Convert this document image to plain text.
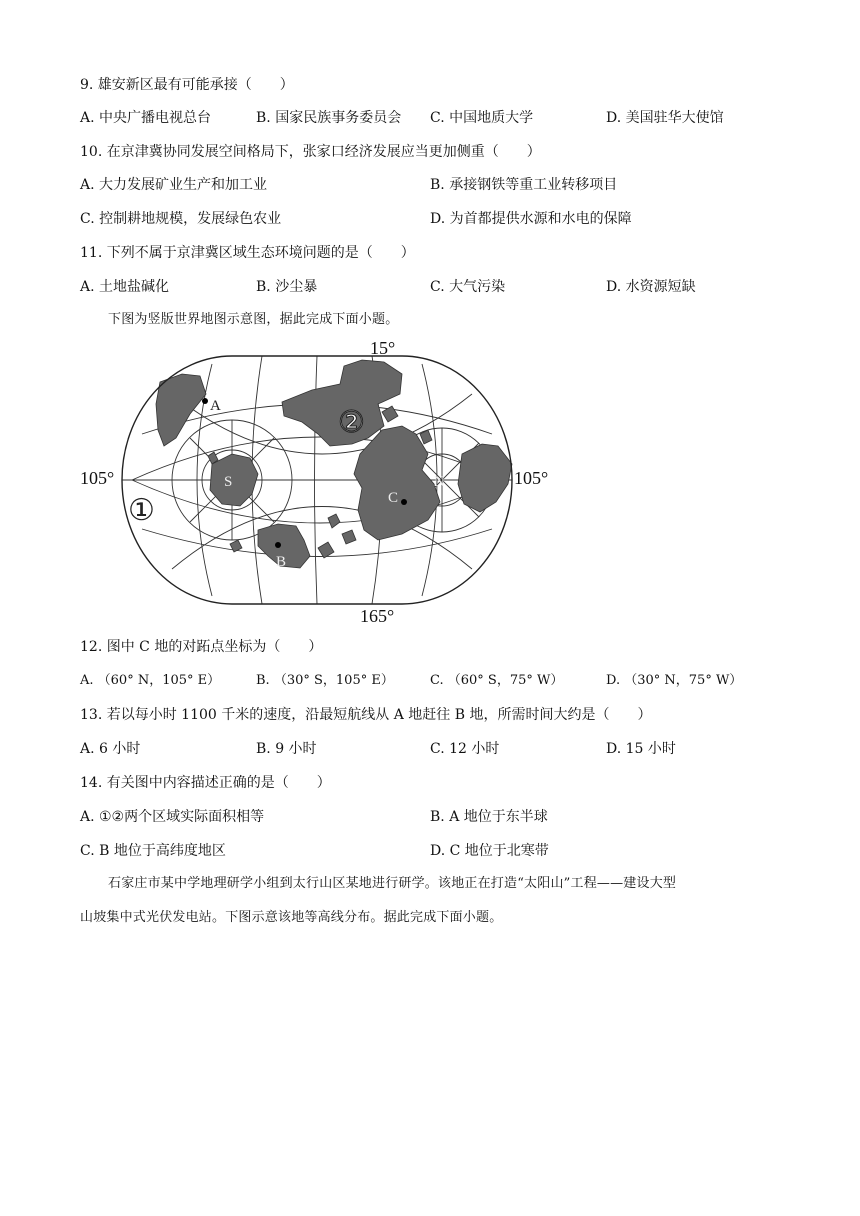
9. 雄安新区最有可能承接（　　）
A. 中央广播电视总台	B. 国家民族事务委员会 C. 中国地质大学	D. 美国驻华大使馆
10. 在京津冀协同发展空间格局下，张家口经济发展应当更加侧重（　　）
A. 大力发展矿业生产和加工业	B. 承接钢铁等重工业转移项目
C. 控制耕地规模，发展绿色农业	D. 为首都提供水源和水电的保障
11. 下列不属于京津冀区域生态环境问题的是（　　）
A. 土地盐碱化	B. 沙尘暴	C. 大气污染	D. 水资源短缺
下图为竖版世界地图示意图，据此完成下面小题。
15°
165°
105°	105°
①
②
A
B
C
S	N
12. 图中 C 地的对跖点坐标为（　　）
A. （60° N，105° E）	B. （30° S，105° E）	C. （60° S，75° W）	D. （30° N，75° W）
13. 若以每小时 1100 千米的速度，沿最短航线从 A 地赶往 B 地，所需时间大约是（　　）
A. 6 小时	B. 9 小时	C. 12 小时	D. 15 小时
14. 有关图中内容描述正确的是（　　）
A. ①②两个区域实际面积相等	B. A 地位于东半球
C. B 地位于高纬度地区	D. C 地位于北寒带
石家庄市某中学地理研学小组到太行山区某地进行研学。该地正在打造“太阳山”工程——建设大型
山坡集中式光伏发电站。下图示意该地等高线分布。据此完成下面小题。
